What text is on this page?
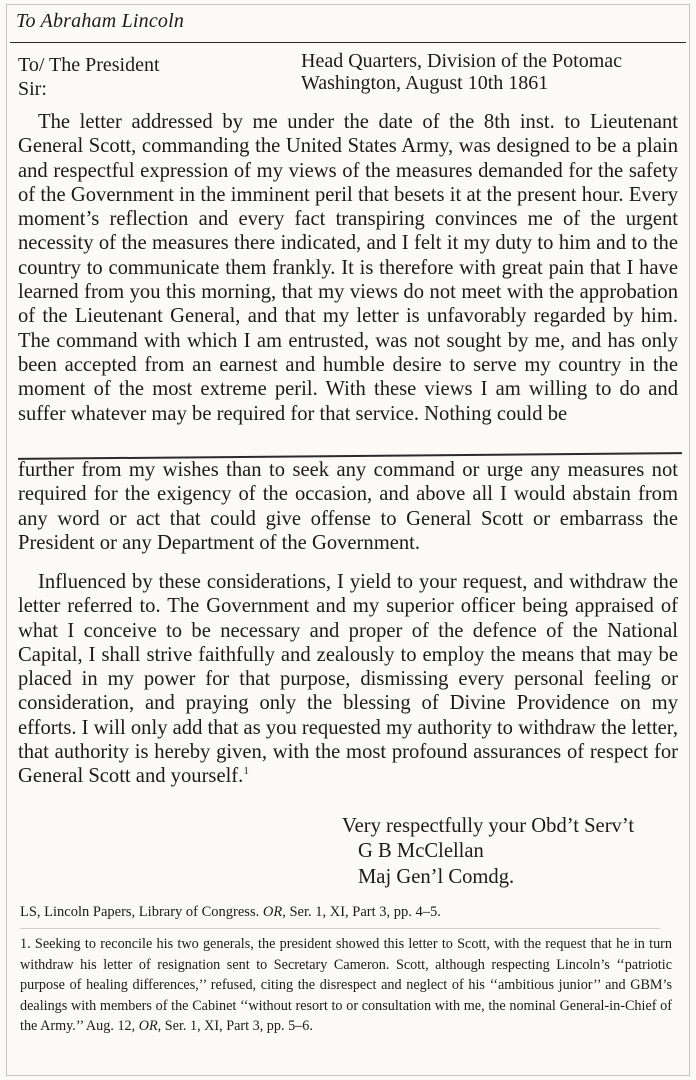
To Abraham Lincoln
To/ The President
Sir:
Head Quarters, Division of the Potomac
Washington, August 10th 1861

The letter addressed by me under the date of the 8th inst. to Lieutenant General Scott, commanding the United States Army, was designed to be a plain and respectful expression of my views of the measures demanded for the safety of the Government in the imminent peril that besets it at the present hour. Every moment’s reflection and every fact transpiring convinces me of the urgent necessity of the measures there indicated, and I felt it my duty to him and to the country to communicate them frankly. It is therefore with great pain that I have learned from you this morning, that my views do not meet with the approbation of the Lieutenant General, and that my letter is unfavorably regarded by him. The command with which I am entrusted, was not sought by me, and has only been accepted from an earnest and humble desire to serve my country in the moment of the most extreme peril. With these views I am willing to do and suffer whatever may be required for that service. Nothing could be

further from my wishes than to seek any command or urge any measures not required for the exigency of the occasion, and above all I would abstain from any word or act that could give offense to General Scott or embarrass the President or any Department of the Government.

Influenced by these considerations, I yield to your request, and withdraw the letter referred to. The Government and my superior officer being appraised of what I conceive to be necessary and proper of the defence of the National Capital, I shall strive faithfully and zealously to employ the means that may be placed in my power for that purpose, dismissing every personal feeling or consideration, and praying only the blessing of Divine Providence on my efforts. I will only add that as you requested my authority to withdraw the letter, that authority is hereby given, with the most profound assurances of respect for General Scott and yourself.$^1$

Very respectfully your Obd’t Serv’t
G B McClellan
Maj Gen’l Comdg.
LS, Lincoln Papers, Library of Congress. OR, Ser. 1, XI, Part 3, pp. 4–5.

1. Seeking to reconcile his two generals, the president showed this letter to Scott, with the request that he in turn withdraw his letter of resignation sent to Secretary Cameron. Scott, although respecting Lincoln’s ‘‘patriotic purpose of healing differences,’’ refused, citing the disrespect and neglect of his ‘‘ambitious junior’’ and GBM’s dealings with members of the Cabinet ‘‘without resort to or consultation with me, the nominal General-in-Chief of the Army.’’ Aug. 12, OR, Ser. 1, XI, Part 3, pp. 5–6.
